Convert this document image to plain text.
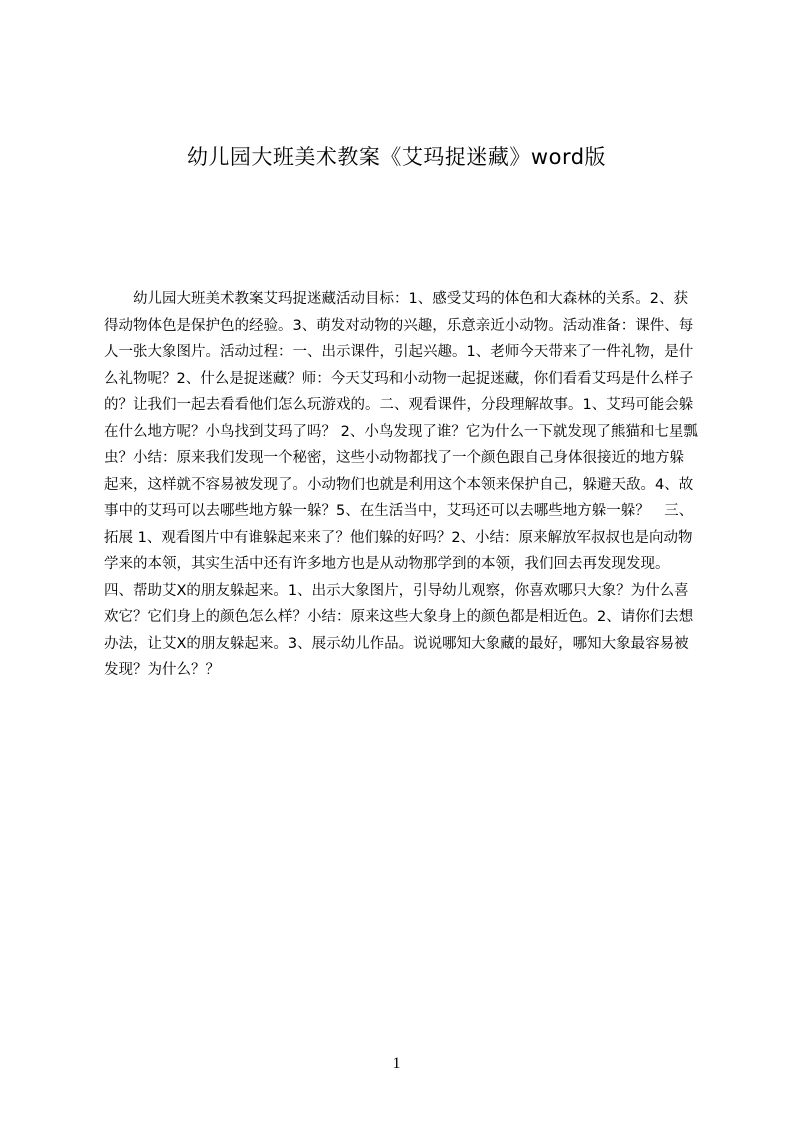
幼儿园大班美术教案《艾玛捉迷藏》word版

幼儿园大班美术教案艾玛捉迷藏活动目标：1、感受艾玛的体色和大森林的关系。2、获得动物体色是保护色的经验。3、萌发对动物的兴趣，乐意亲近小动物。活动准备：课件、每人一张大象图片。活动过程：一、出示课件，引起兴趣。1、老师今天带来了一件礼物，是什么礼物呢？2、什么是捉迷藏？师：今天艾玛和小动物一起捉迷藏，你们看看艾玛是什么样子的？让我们一起去看看他们怎么玩游戏的。二、观看课件，分段理解故事。1、艾玛可能会躲在什么地方呢？小鸟找到艾玛了吗？ 2、小鸟发现了谁？它为什么一下就发现了熊猫和七星瓢虫？小结：原来我们发现一个秘密，这些小动物都找了一个颜色跟自己身体很接近的地方躲起来，这样就不容易被发现了。小动物们也就是利用这个本领来保护自己，躲避天敌。4、故事中的艾玛可以去哪些地方躲一躲？5、在生活当中，艾玛还可以去哪些地方躲一躲？　三、拓展 1、观看图片中有谁躲起来来了？他们躲的好吗？2、小结：原来解放军叔叔也是向动物学来的本领，其实生活中还有许多地方也是从动物那学到的本领，我们回去再发现发现。四、帮助艾X的朋友躲起来。1、出示大象图片，引导幼儿观察，你喜欢哪只大象？为什么喜欢它？它们身上的颜色怎么样？小结：原来这些大象身上的颜色都是相近色。2、请你们去想办法，让艾X的朋友躲起来。3、展示幼儿作品。说说哪知大象藏的最好，哪知大象最容易被发现？为什么？？

1
